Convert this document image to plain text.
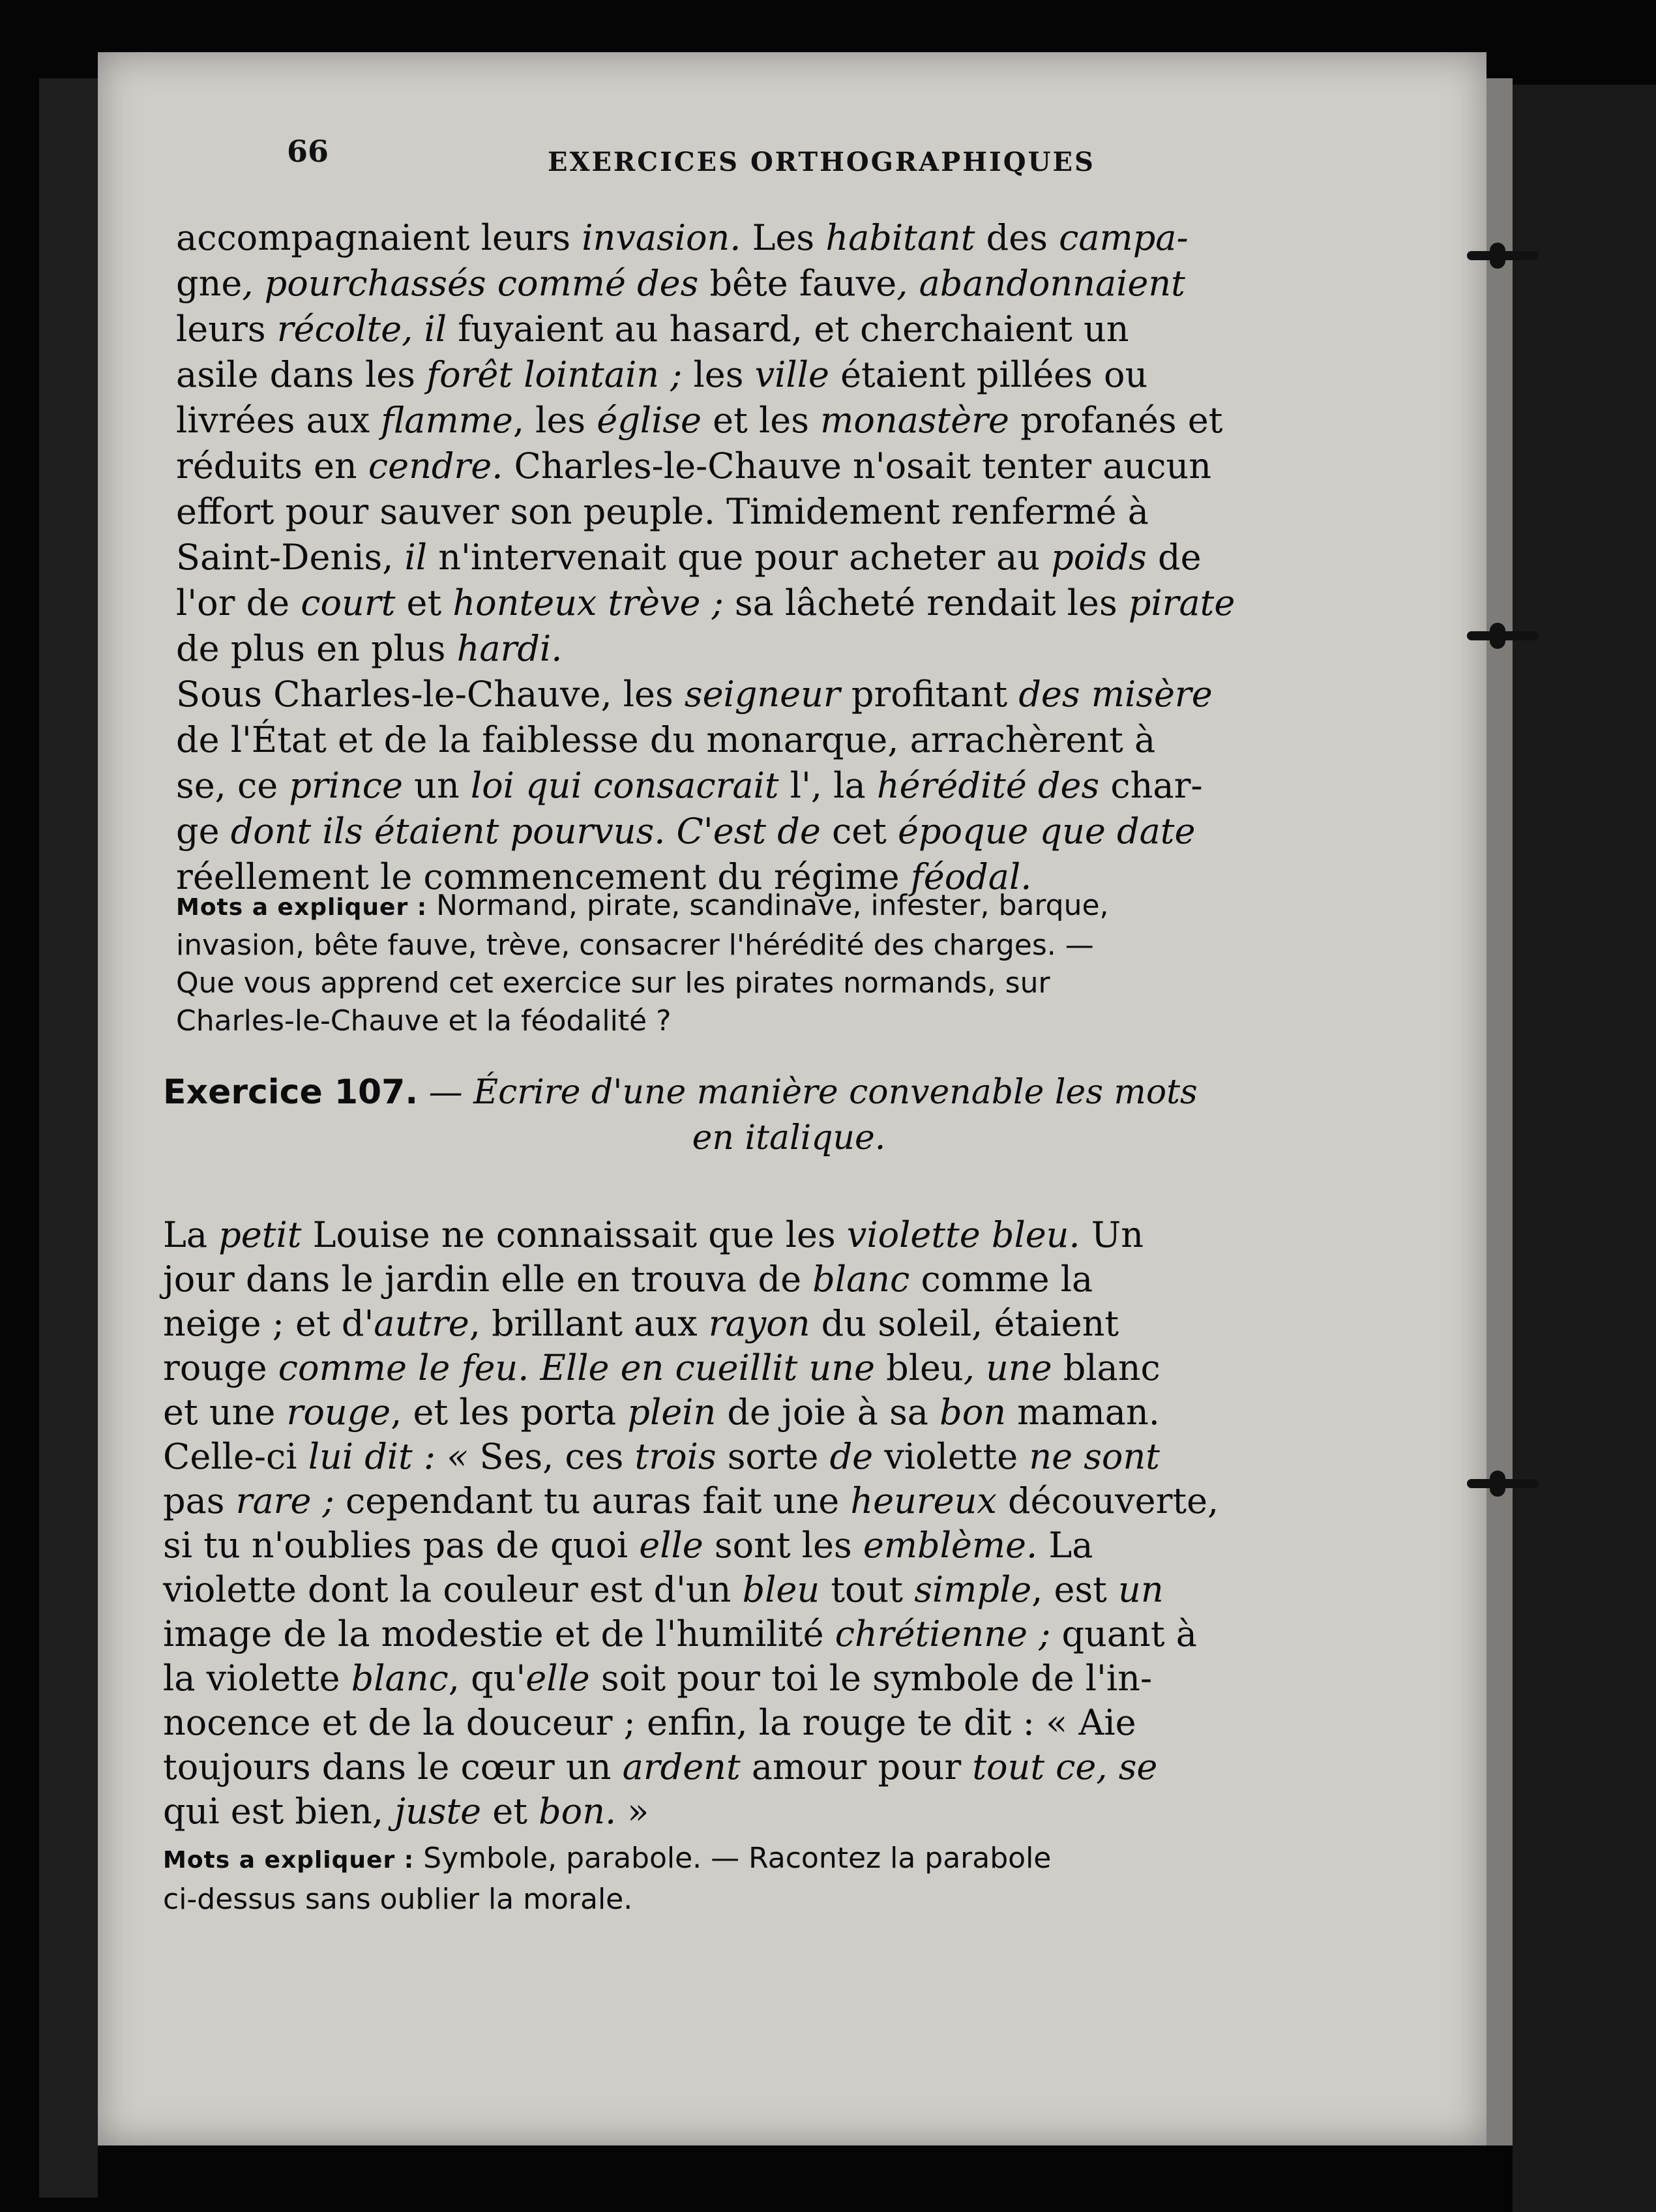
66	EXERCICES ORTHOGRAPHIQUES
accompagnaient leurs invasion. Les habitant des campa-
gne, pourchassés commé des bête fauve, abandonnaient
leurs récolte, il fuyaient au hasard, et cherchaient un
asile dans les forêt lointain ; les ville étaient pillées ou
livrées aux flamme, les église et les monastère profanés et
réduits en cendre. Charles-le-Chauve n'osait tenter aucun
effort pour sauver son peuple. Timidement renfermé à
Saint-Denis, il n'intervenait que pour acheter au poids de
l'or de court et honteux trève ; sa lâcheté rendait les pirate
de plus en plus hardi.
Sous Charles-le-Chauve, les seigneur profitant des misère
de l'État et de la faiblesse du monarque, arrachèrent à
se, ce prince un loi qui consacrait l', la hérédité des char-
ge dont ils étaient pourvus. C'est de cet époque que date
réellement le commencement du régime féodal.
Mots a expliquer : Normand, pirate, scandinave, infester, barque,
invasion, bête fauve, trève, consacrer l'hérédité des charges. —
Que vous apprend cet exercice sur les pirates normands, sur
Charles-le-Chauve et la féodalité ?
Exercice 107. — Écrire d'une manière convenable les mots
en italique.
La petit Louise ne connaissait que les violette bleu. Un
jour dans le jardin elle en trouva de blanc comme la
neige ; et d'autre, brillant aux rayon du soleil, étaient
rouge comme le feu. Elle en cueillit une bleu, une blanc
et une rouge, et les porta plein de joie à sa bon maman.
Celle-ci lui dit : « Ses, ces trois sorte de violette ne sont
pas rare ; cependant tu auras fait une heureux découverte,
si tu n'oublies pas de quoi elle sont les emblème. La
violette dont la couleur est d'un bleu tout simple, est un
image de la modestie et de l'humilité chrétienne ; quant à
la violette blanc, qu'elle soit pour toi le symbole de l'in-
nocence et de la douceur ; enfin, la rouge te dit : « Aie
toujours dans le cœur un ardent amour pour tout ce, se
qui est bien, juste et bon. »
Mots a expliquer : Symbole, parabole. — Racontez la parabole
ci-dessus sans oublier la morale.
